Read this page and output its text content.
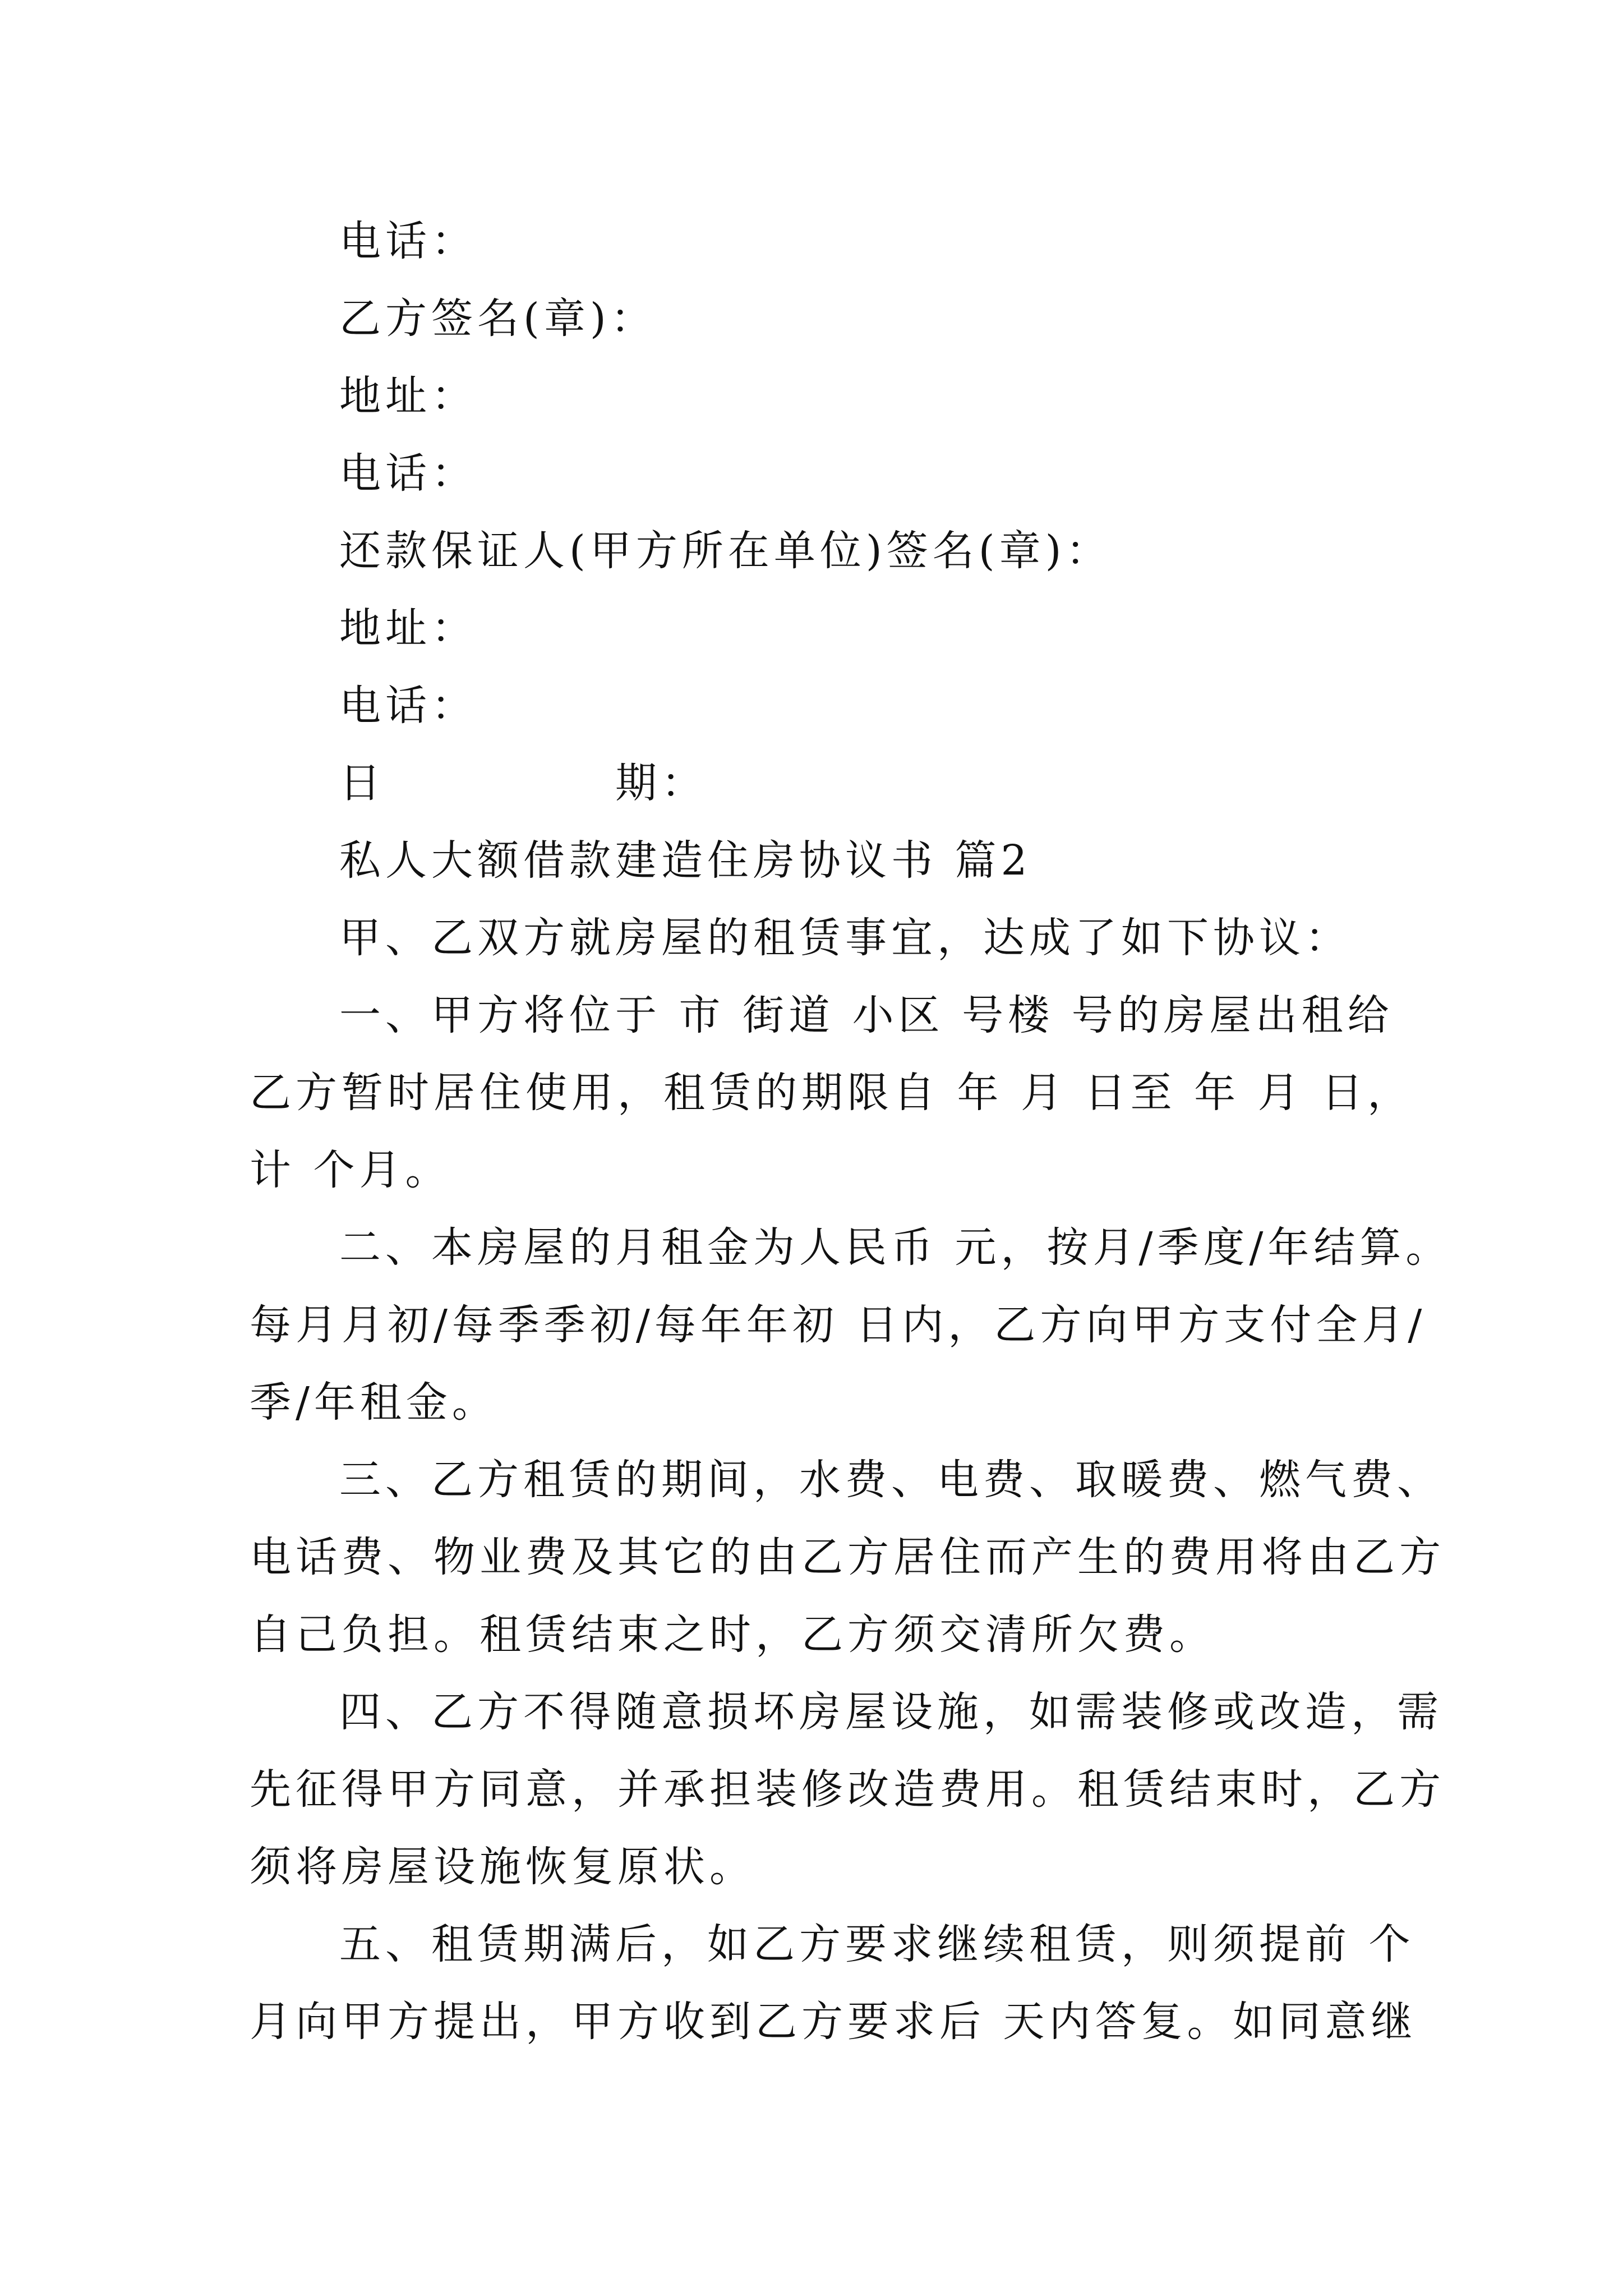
电话：
乙方签名(章)：
地址：
电话：
还款保证人(甲方所在单位)签名(章)：
地址：
电话：
日　　　　　期：
私人大额借款建造住房协议书 篇2
甲、乙双方就房屋的租赁事宜，达成了如下协议：
一、甲方将位于 市 街道 小区 号楼 号的房屋出租给
乙方暂时居住使用，租赁的期限自 年 月 日至 年 月 日，
计 个月。
二、本房屋的月租金为人民币 元，按月/季度/年结算。
每月月初/每季季初/每年年初 日内，乙方向甲方支付全月/
季/年租金。
三、乙方租赁的期间，水费、电费、取暖费、燃气费、
电话费、物业费及其它的由乙方居住而产生的费用将由乙方
自己负担。租赁结束之时，乙方须交清所欠费。
四、乙方不得随意损坏房屋设施，如需装修或改造，需
先征得甲方同意，并承担装修改造费用。租赁结束时，乙方
须将房屋设施恢复原状。
五、租赁期满后，如乙方要求继续租赁，则须提前 个
月向甲方提出，甲方收到乙方要求后 天内答复。如同意继
